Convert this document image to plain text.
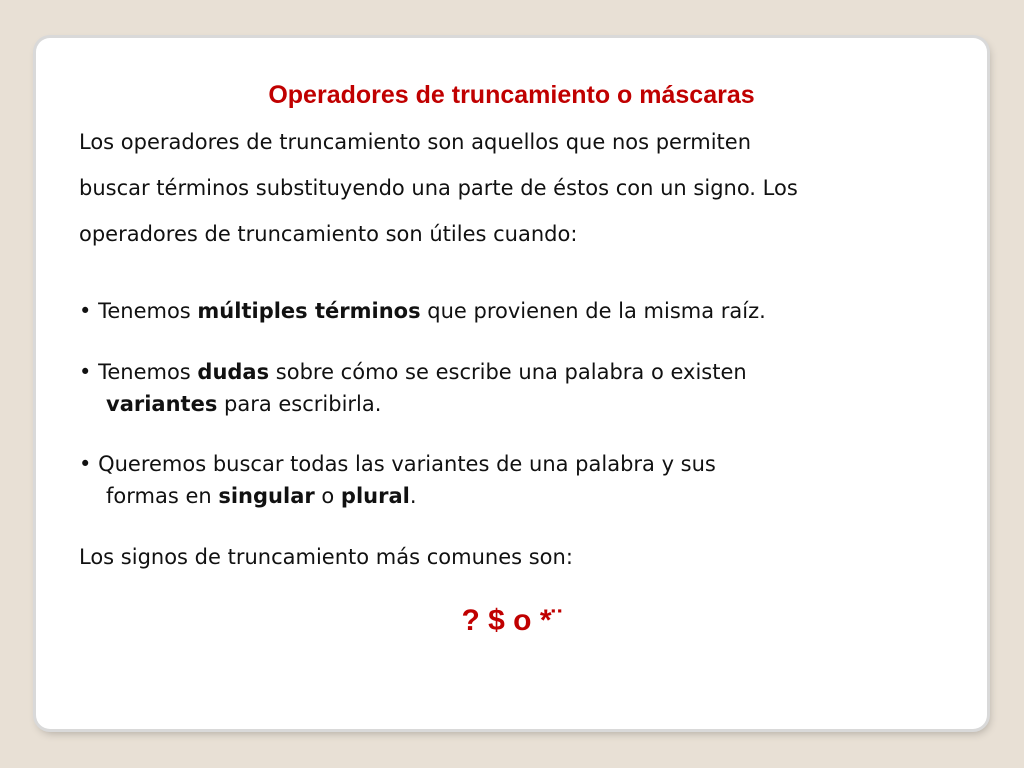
Operadores de truncamiento o máscaras

Los operadores de truncamiento son aquellos que nos permiten
buscar términos substituyendo una parte de éstos con un signo. Los
operadores de truncamiento son útiles cuando:

• Tenemos múltiples términos que provienen de la misma raíz.

• Tenemos dudas sobre cómo se escribe una palabra o existen
variantes para escribirla.

• Queremos buscar todas las variantes de una palabra y sus
formas en singular o plural.

Los signos de truncamiento más comunes son:

? $ o *¨
